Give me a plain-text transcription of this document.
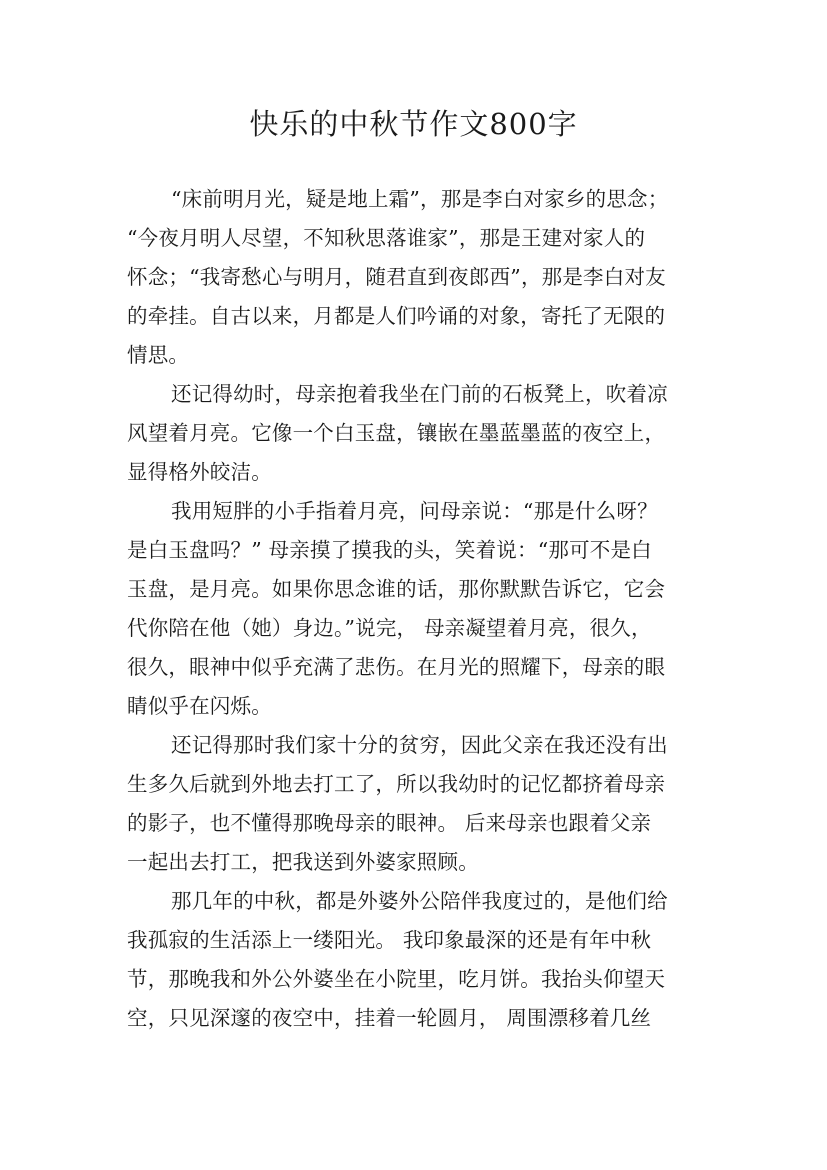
快乐的中秋节作文800字
“床前明月光，疑是地上霜”，那是李白对家乡的思念；
“今夜月明人尽望，不知秋思落谁家”，那是王建对家人的
怀念；“我寄愁心与明月，随君直到夜郎西”，那是李白对友
的牵挂。自古以来，月都是人们吟诵的对象，寄托了无限的
情思。
还记得幼时，母亲抱着我坐在门前的石板凳上，吹着凉
风望着月亮。它像一个白玉盘，镶嵌在墨蓝墨蓝的夜空上，
显得格外皎洁。
我用短胖的小手指着月亮，问母亲说：“那是什么呀？
是白玉盘吗？” 母亲摸了摸我的头，笑着说：“那可不是白
玉盘，是月亮。如果你思念谁的话，那你默默告诉它，它会
代你陪在他（她）身边。”说完， 母亲凝望着月亮，很久，
很久，眼神中似乎充满了悲伤。在月光的照耀下，母亲的眼
睛似乎在闪烁。
还记得那时我们家十分的贫穷，因此父亲在我还没有出
生多久后就到外地去打工了，所以我幼时的记忆都挤着母亲
的影子，也不懂得那晚母亲的眼神。 后来母亲也跟着父亲
一起出去打工，把我送到外婆家照顾。
那几年的中秋，都是外婆外公陪伴我度过的，是他们给
我孤寂的生活添上一缕阳光。 我印象最深的还是有年中秋
节，那晚我和外公外婆坐在小院里，吃月饼。我抬头仰望天
空，只见深邃的夜空中，挂着一轮圆月， 周围漂移着几丝
